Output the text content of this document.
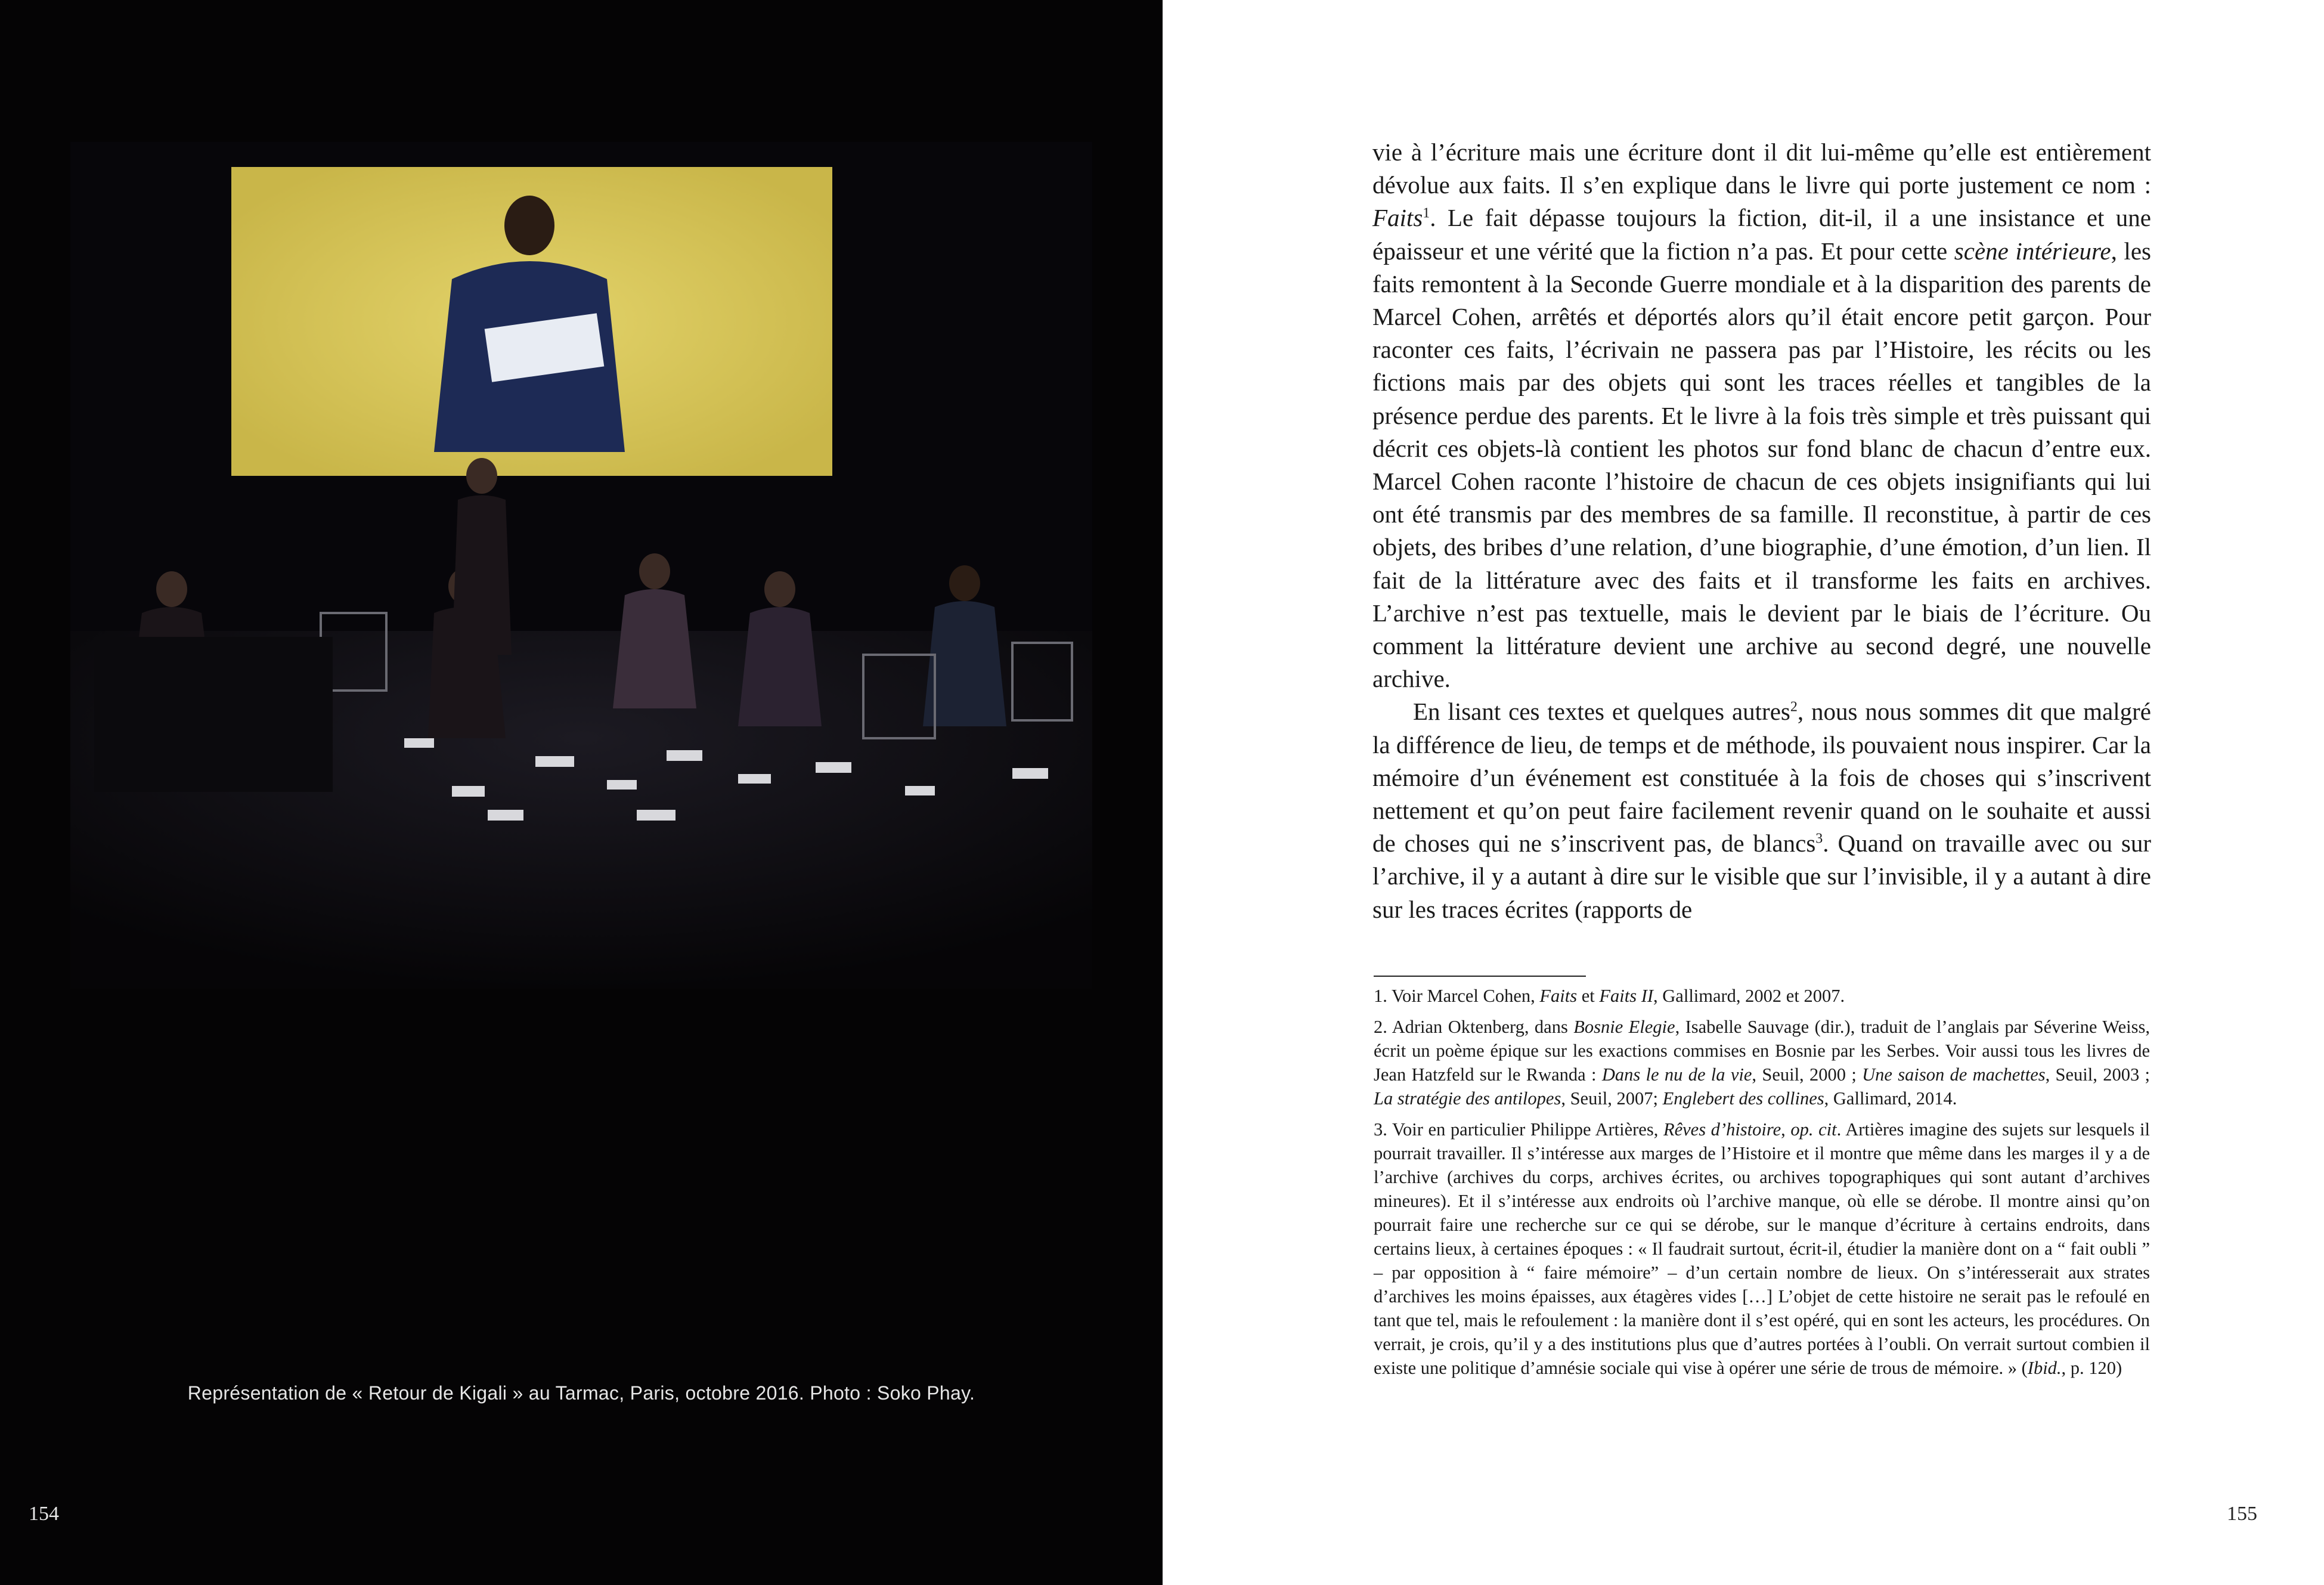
Représentation de « Retour de Kigali » au Tarmac, Paris, octobre 2016. Photo : Soko Phay.
154

vie à l’écriture mais une écriture dont il dit lui-même qu’elle est entièrement dévolue aux faits. Il s’en explique dans le livre qui porte justement ce nom : Faits$^1$. Le fait dépasse toujours la fiction, dit-il, il a une insistance et une épaisseur et une vérité que la fiction n’a pas. Et pour cette scène intérieure, les faits remontent à la Seconde Guerre mondiale et à la disparition des parents de Marcel Cohen, arrêtés et déportés alors qu’il était encore petit garçon. Pour raconter ces faits, l’écrivain ne passera pas par l’Histoire, les récits ou les fictions mais par des objets qui sont les traces réelles et tangibles de la présence perdue des parents. Et le livre à la fois très simple et très puissant qui décrit ces objets-là contient les photos sur fond blanc de chacun d’entre eux. Marcel Cohen raconte l’histoire de chacun de ces objets insignifiants qui lui ont été transmis par des membres de sa famille. Il reconstitue, à partir de ces objets, des bribes d’une relation, d’une biographie, d’une émotion, d’un lien. Il fait de la littérature avec des faits et il transforme les faits en archives. L’archive n’est pas textuelle, mais le devient par le biais de l’écriture. Ou comment la littérature devient une archive au second degré, une nouvelle archive.

En lisant ces textes et quelques autres$^2$, nous nous sommes dit que malgré la différence de lieu, de temps et de méthode, ils pouvaient nous inspirer. Car la mémoire d’un événement est constituée à la fois de choses qui s’inscrivent nettement et qu’on peut faire facilement revenir quand on le souhaite et aussi de choses qui ne s’inscrivent pas, de blancs$^3$. Quand on travaille avec ou sur l’archive, il y a autant à dire sur le visible que sur l’invisible, il y a autant à dire sur les traces écrites (rapports de

1. Voir Marcel Cohen, Faits et Faits II, Gallimard, 2002 et 2007.

2. Adrian Oktenberg, dans Bosnie Elegie, Isabelle Sauvage (dir.), traduit de l’anglais par Séverine Weiss, écrit un poème épique sur les exactions commises en Bosnie par les Serbes. Voir aussi tous les livres de Jean Hatzfeld sur le Rwanda : Dans le nu de la vie, Seuil, 2000 ; Une saison de machettes, Seuil, 2003 ; La stratégie des antilopes, Seuil, 2007; Englebert des collines, Gallimard, 2014.

3. Voir en particulier Philippe Artières, Rêves d’histoire, op. cit. Artières imagine des sujets sur lesquels il pourrait travailler. Il s’intéresse aux marges de l’Histoire et il montre que même dans les marges il y a de l’archive (archives du corps, archives écrites, ou archives topographiques qui sont autant d’archives mineures). Et il s’intéresse aux endroits où l’archive manque, où elle se dérobe. Il montre ainsi qu’on pourrait faire une recherche sur ce qui se dérobe, sur le manque d’écriture à certains endroits, dans certains lieux, à certaines époques : « Il faudrait surtout, écrit-il, étudier la manière dont on a “ fait oubli ” – par opposition à “ faire mémoire” – d’un certain nombre de lieux. On s’intéresserait aux strates d’archives les moins épaisses, aux étagères vides […] L’objet de cette histoire ne serait pas le refoulé en tant que tel, mais le refoulement : la manière dont il s’est opéré, qui en sont les acteurs, les procédures. On verrait, je crois, qu’il y a des institutions plus que d’autres portées à l’oubli. On verrait surtout combien il existe une politique d’amnésie sociale qui vise à opérer une série de trous de mémoire. » (Ibid., p. 120)

155
